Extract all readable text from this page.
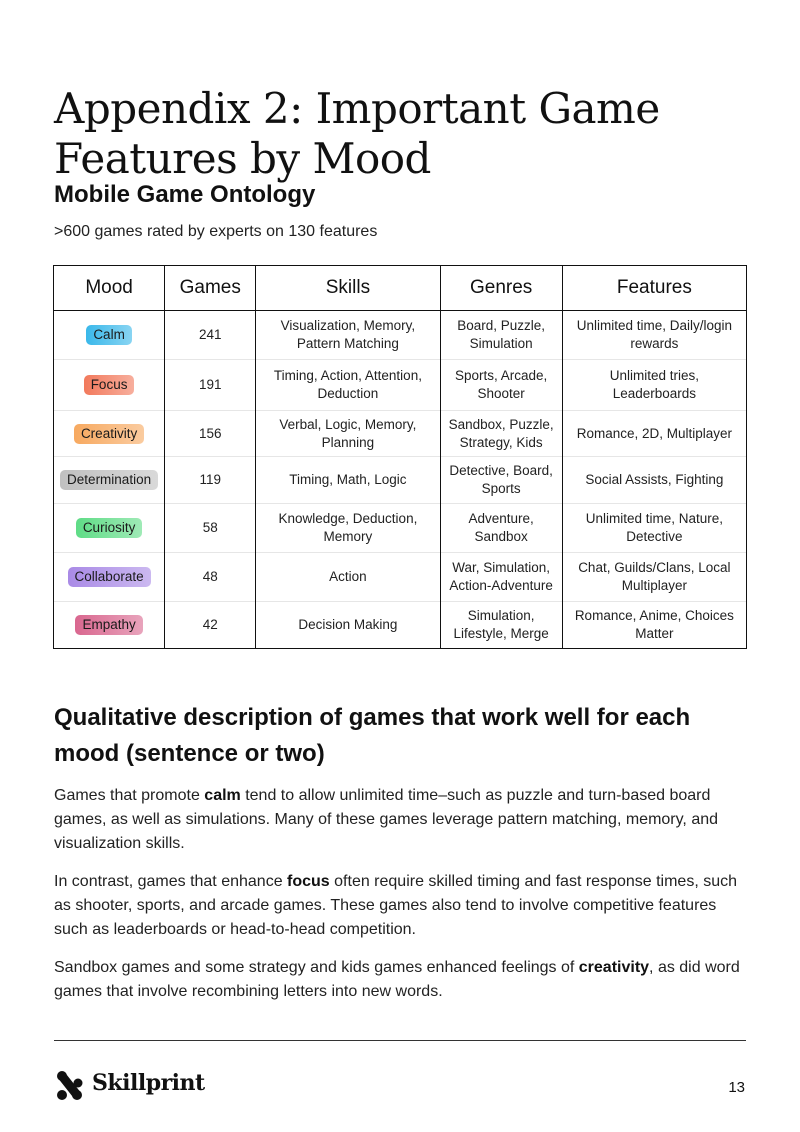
Appendix 2: Important Game Features by Mood
Mobile Game Ontology
>600 games rated by experts on 130 features
Mood	Games	Skills	Genres	Features
Calm	241	Visualization, Memory, Pattern Matching	Board, Puzzle, Simulation	Unlimited time, Daily/login rewards
Focus	191	Timing, Action, Attention, Deduction	Sports, Arcade, Shooter	Unlimited tries, Leaderboards
Creativity	156	Verbal, Logic, Memory, Planning	Sandbox, Puzzle, Strategy, Kids	Romance, 2D, Multiplayer
Determination	119	Timing, Math, Logic	Detective, Board, Sports	Social Assists, Fighting
Curiosity	58	Knowledge, Deduction, Memory	Adventure, Sandbox	Unlimited time, Nature, Detective
Collaborate	48	Action	War, Simulation, Action-Adventure	Chat, Guilds/Clans, Local Multiplayer
Empathy	42	Decision Making	Simulation, Lifestyle, Merge	Romance, Anime, Choices Matter
Qualitative description of games that work well for each mood (sentence or two)

Games that promote calm tend to allow unlimited time–such as puzzle and turn-based board games, as well as simulations. Many of these games leverage pattern matching, memory, and visualization skills.

In contrast, games that enhance focus often require skilled timing and fast response times, such as shooter, sports, and arcade games. These games also tend to involve competitive features such as leaderboards or head-to-head competition.

Sandbox games and some strategy and kids games enhanced feelings of creativity, as did word games that involve recombining letters into new words.

Skillprint	13
